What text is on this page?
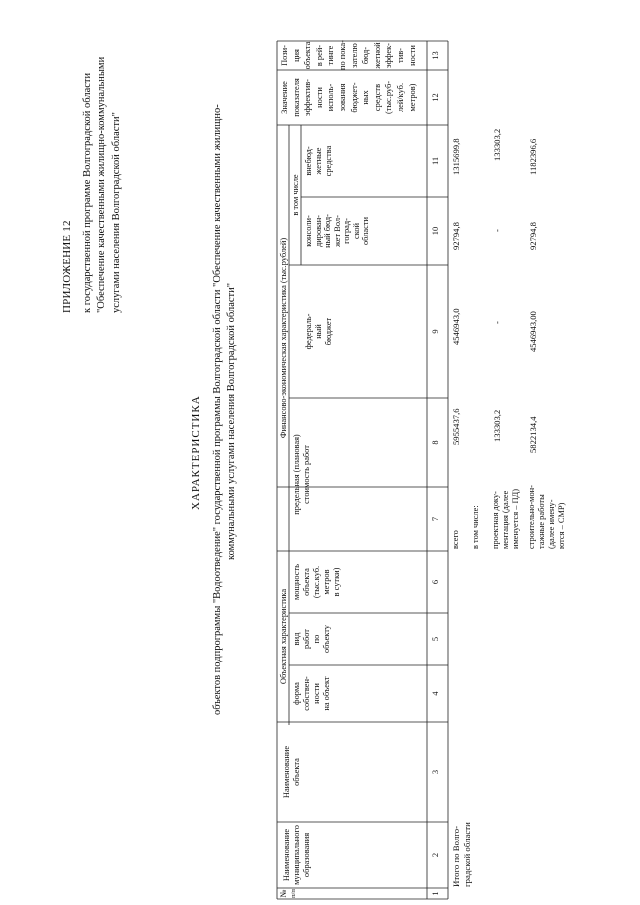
ПРИЛОЖЕНИЕ 12 к государственной программе Волгоградской области "Обеспечение качественными жилищно-коммунальными услугами населения Волгоградской области"
ХАРАКТЕРИСТИКА объектов подпрограммы "Водоотведение" государственной программы Волгоградской области "Обеспечение качественными жилищно- коммунальными услугами населения Волгоградской области"
№ п/п
Наименование муниципального образования
Наименование объекта
Объектная характеристика
форма собствен- ности на объект
вид работ по объекту
мощность объекта (тыс.куб. метров в сутки)
Финансово-экономическая характеристика (тыс.рублей)
предельная (плановая) стоимость работ
в том числе
федераль- ный бюджет
консоли- дирован- ный бюд- жет Вол- гоград- ской области
внебюд- жетные средства
Значение показателя эффектив- ности исполь- зования бюджет- ных средств (тыс.руб- лей/куб. метров)
Пози- ция объекта в рей- тинге по пока- зателю бюд- жетной эффек- тив- ности
1
2
3
4
5
6
7
8
9
10
11
12
13
Итого по Волго- градской области
всего
5955437,6
4546943,0
92794,8
1315699,8
в том числе: проектная доку- ментация (далее именуется – ПД)
133303,2
-
-
133303,2
строительно-мон- тажные работы (далее имену- ются – СМР)
5822134,4
4546943,00
92794,8
1182396,6
